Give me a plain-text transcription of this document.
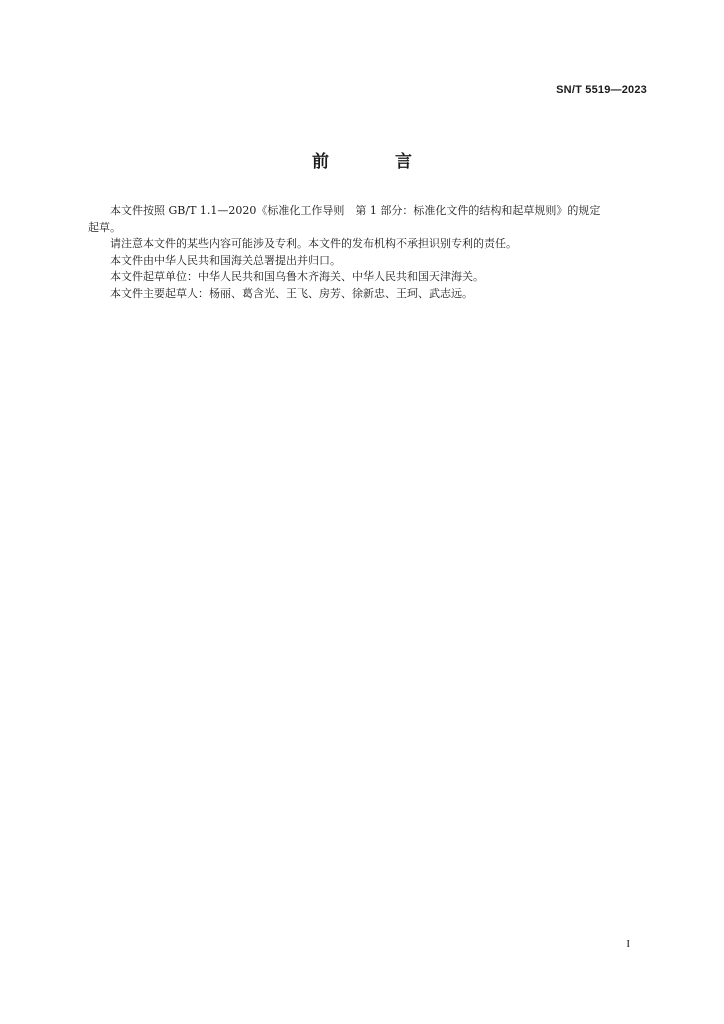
SN/T 5519—2023
前 言

本文件按照 GB/T 1.1—2020《标准化工作导则　第 1 部分：标准化文件的结构和起草规则》的规定
起草。

请注意本文件的某些内容可能涉及专利。本文件的发布机构不承担识别专利的责任。

本文件由中华人民共和国海关总署提出并归口。

本文件起草单位：中华人民共和国乌鲁木齐海关、中华人民共和国天津海关。

本文件主要起草人：杨丽、葛含光、王飞、房芳、徐新忠、王珂、武志远。

I
